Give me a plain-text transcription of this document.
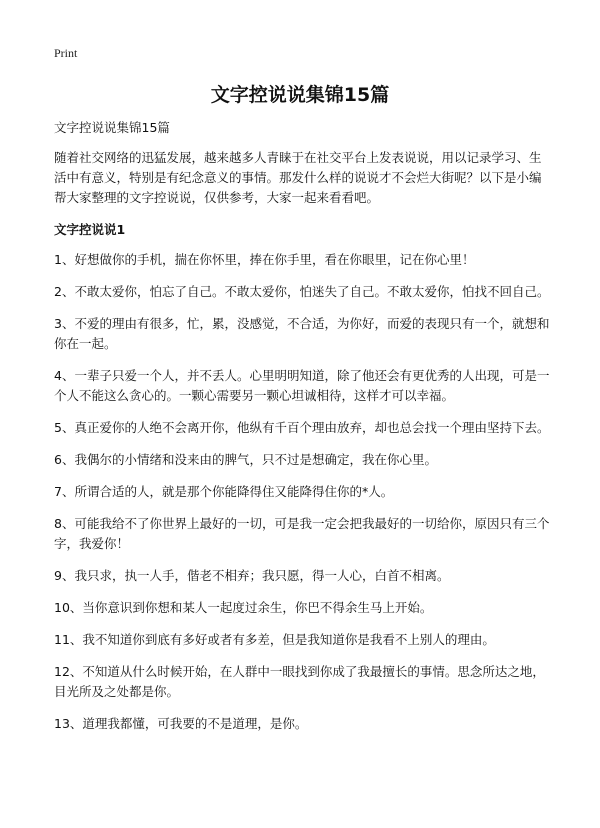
Print
文字控说说集锦15篇

文字控说说集锦15篇

随着社交网络的迅猛发展，越来越多人青睐于在社交平台上发表说说，用以记录学习、生活中有意义，特别是有纪念意义的事情。那发什么样的说说才不会烂大街呢？以下是小编帮大家整理的文字控说说，仅供参考，大家一起来看看吧。

文字控说说1

1、好想做你的手机，揣在你怀里，捧在你手里，看在你眼里，记在你心里！

2、不敢太爱你，怕忘了自己。不敢太爱你，怕迷失了自己。不敢太爱你，怕找不回自己。

3、不爱的理由有很多，忙，累，没感觉，不合适，为你好，而爱的表现只有一个，就想和你在一起。

4、一辈子只爱一个人，并不丢人。心里明明知道，除了他还会有更优秀的人出现，可是一个人不能这么贪心的。一颗心需要另一颗心坦诚相待，这样才可以幸福。

5、真正爱你的人绝不会离开你，他纵有千百个理由放弃，却也总会找一个理由坚持下去。

6、我偶尔的小情绪和没来由的脾气，只不过是想确定，我在你心里。

7、所谓合适的人，就是那个你能降得住又能降得住你的*人。

8、可能我给不了你世界上最好的一切，可是我一定会把我最好的一切给你，原因只有三个字，我爱你！

9、我只求，执一人手，偕老不相弃；我只愿，得一人心，白首不相离。

10、当你意识到你想和某人一起度过余生，你巴不得余生马上开始。

11、我不知道你到底有多好或者有多差，但是我知道你是我看不上别人的理由。

12、不知道从什么时候开始，在人群中一眼找到你成了我最擅长的事情。思念所达之地，目光所及之处都是你。

13、道理我都懂，可我要的不是道理，是你。
